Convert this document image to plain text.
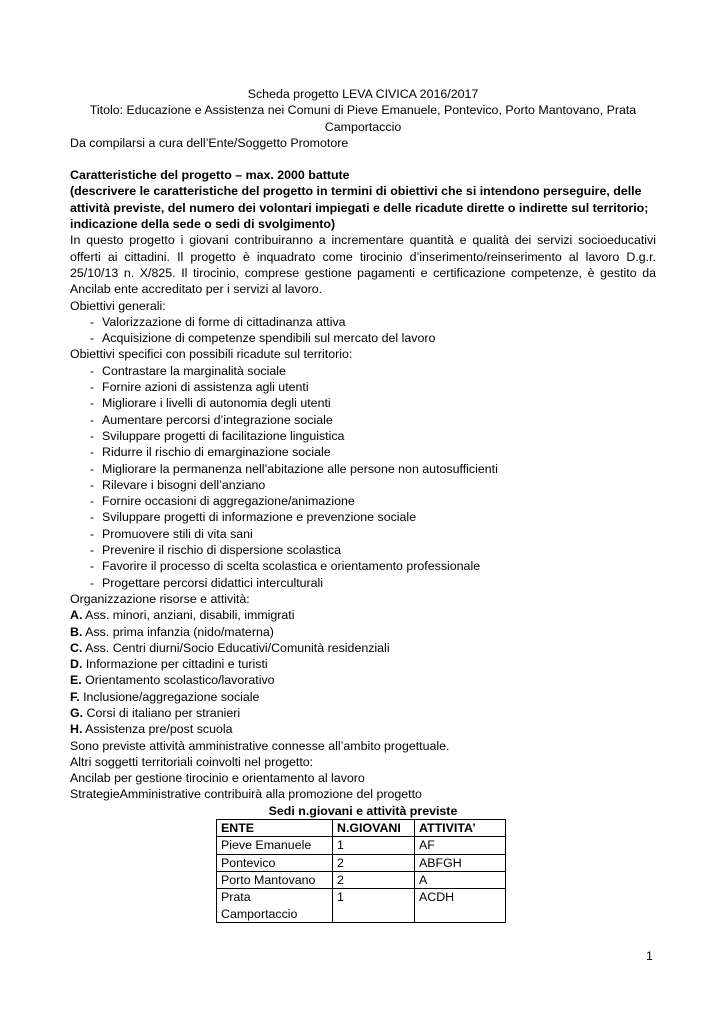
Scheda progetto LEVA CIVICA 2016/2017

Titolo: Educazione e Assistenza nei Comuni di Pieve Emanuele, Pontevico, Porto Mantovano, Prata

Camportaccio

Da compilarsi a cura dell’Ente/Soggetto Promotore

Caratteristiche del progetto – max. 2000 battute

(descrivere le caratteristiche del progetto in termini di obiettivi che si intendono perseguire, delle attività previste, del numero dei volontari impiegati e delle ricadute dirette o indirette sul territorio; indicazione della sede o sedi di svolgimento)

In questo progetto i giovani contribuiranno a incrementare quantità e qualità dei servizi socioeducativi offerti ai cittadini. Il progetto è inquadrato come tirocinio d’inserimento/reinserimento al lavoro D.g.r. 25/10/13 n. X/825. Il tirocinio, comprese gestione pagamenti e certificazione competenze, è gestito da Ancilab ente accreditato per i servizi al lavoro.

Obiettivi generali:

- Valorizzazione di forme di cittadinanza attiva
- Acquisizione di competenze spendibili sul mercato del lavoro

Obiettivi specifici con possibili ricadute sul territorio:

- Contrastare la marginalità sociale
- Fornire azioni di assistenza agli utenti
- Migliorare i livelli di autonomia degli utenti
- Aumentare percorsi d’integrazione sociale
- Sviluppare progetti di facilitazione linguistica
- Ridurre il rischio di emarginazione sociale
- Migliorare la permanenza nell’abitazione alle persone non autosufficienti
- Rilevare i bisogni dell’anziano
- Fornire occasioni di aggregazione/animazione
- Sviluppare progetti di informazione e prevenzione sociale
- Promuovere stili di vita sani
- Prevenire il rischio di dispersione scolastica
- Favorire il processo di scelta scolastica e orientamento professionale
- Progettare percorsi didattici interculturali

Organizzazione risorse e attività:

A. Ass. minori, anziani, disabili, immigrati

B. Ass. prima infanzia (nido/materna)

C. Ass. Centri diurni/Socio Educativi/Comunità residenziali

D. Informazione per cittadini e turisti

E. Orientamento scolastico/lavorativo

F. Inclusione/aggregazione sociale

G. Corsi di italiano per stranieri

H. Assistenza pre/post scuola

Sono previste attività amministrative connesse all’ambito progettuale.

Altri soggetti territoriali coinvolti nel progetto:

Ancilab per gestione tirocinio e orientamento al lavoro

StrategieAmministrative contribuirà alla promozione del progetto

Sedi n.giovani e attività previste

ENTE	N.GIOVANI	ATTIVITA’
Pieve Emanuele	1	AF
Pontevico	2	ABFGH
Porto Mantovano	2	A
Prata Camportaccio	1	ACDH
1
